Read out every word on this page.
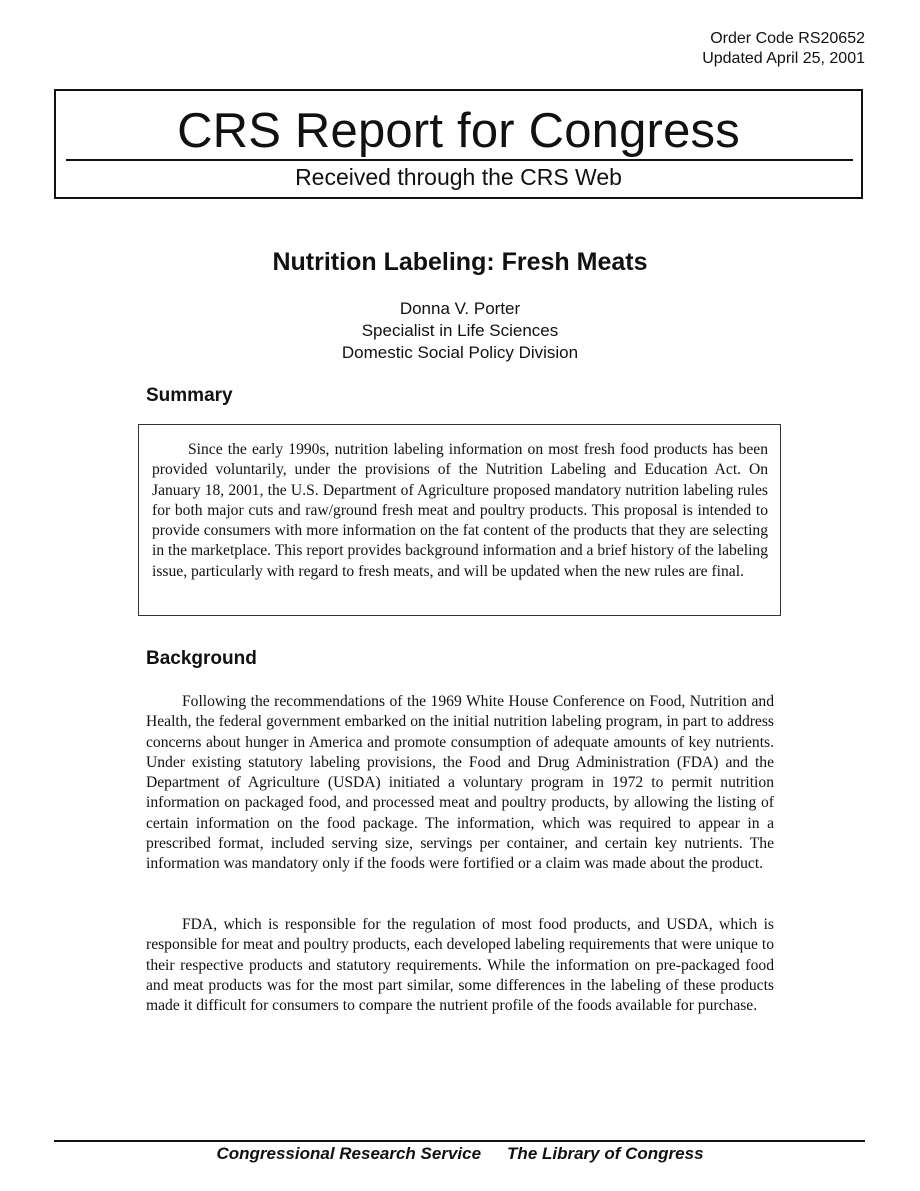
Order Code RS20652
Updated April 25, 2001
CRS Report for Congress
Received through the CRS Web
Nutrition Labeling: Fresh Meats
Donna V. Porter
Specialist in Life Sciences
Domestic Social Policy Division
Summary

Since the early 1990s, nutrition labeling information on most fresh food products has been provided voluntarily, under the provisions of the Nutrition Labeling and Education Act. On January 18, 2001, the U.S. Department of Agriculture proposed mandatory nutrition labeling rules for both major cuts and raw/ground fresh meat and poultry products. This proposal is intended to provide consumers with more information on the fat content of the products that they are selecting in the marketplace. This report provides background information and a brief history of the labeling issue, particularly with regard to fresh meats, and will be updated when the new rules are final.

Background

Following the recommendations of the 1969 White House Conference on Food, Nutrition and Health, the federal government embarked on the initial nutrition labeling program, in part to address concerns about hunger in America and promote consumption of adequate amounts of key nutrients. Under existing statutory labeling provisions, the Food and Drug Administration (FDA) and the Department of Agriculture (USDA) initiated a voluntary program in 1972 to permit nutrition information on packaged food, and processed meat and poultry products, by allowing the listing of certain information on the food package. The information, which was required to appear in a prescribed format, included serving size, servings per container, and certain key nutrients. The information was mandatory only if the foods were fortified or a claim was made about the product.

FDA, which is responsible for the regulation of most food products, and USDA, which is responsible for meat and poultry products, each developed labeling requirements that were unique to their respective products and statutory requirements. While the information on pre-packaged food and meat products was for the most part similar, some differences in the labeling of these products made it difficult for consumers to compare the nutrient profile of the foods available for purchase.

Congressional Research Service The Library of Congress
